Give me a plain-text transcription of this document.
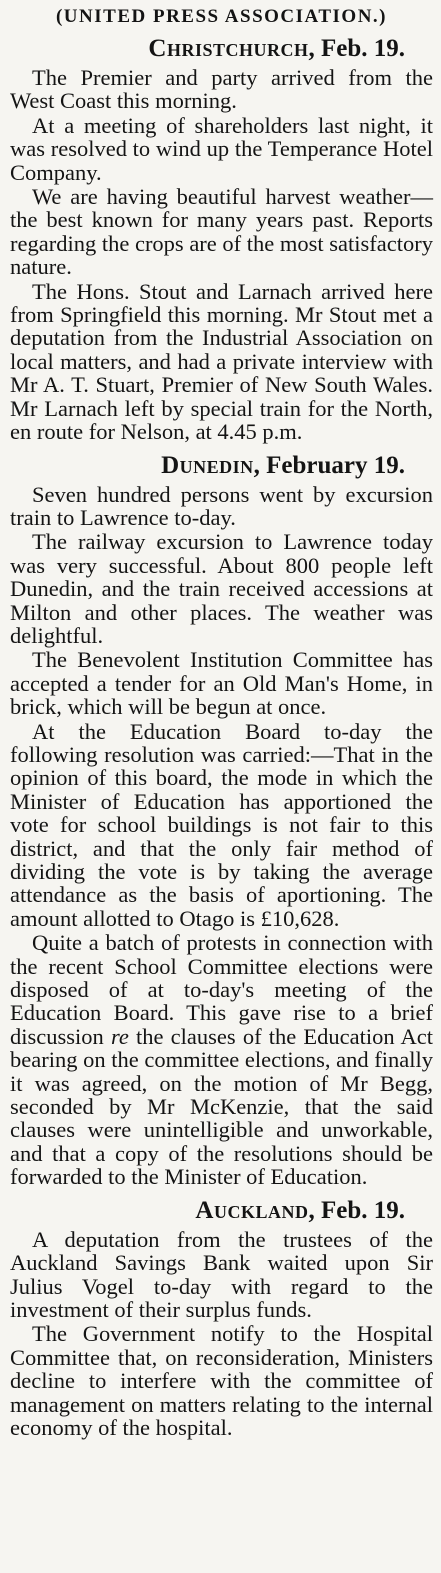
(UNITED PRESS ASSOCIATION.)
Christchurch, Feb. 19.

The Premier and party arrived from the West Coast this morning.

At a meeting of shareholders last night, it was resolved to wind up the Temperance Hotel Company.

We are having beautiful harvest weather—the best known for many years past. Reports regarding the crops are of the most satisfactory nature.

The Hons. Stout and Larnach arrived here from Springfield this morning. Mr Stout met a deputation from the Industrial Association on local matters, and had a private interview with Mr A. T. Stuart, Premier of New South Wales. Mr Larnach left by special train for the North, en route for Nelson, at 4.45 p.m.

Dunedin, February 19.

Seven hundred persons went by excursion train to Lawrence to-day.

The railway excursion to Lawrence today was very successful. About 800 people left Dunedin, and the train received accessions at Milton and other places. The weather was delightful.

The Benevolent Institution Committee has accepted a tender for an Old Man's Home, in brick, which will be begun at once.

At the Education Board to-day the following resolution was carried:—That in the opinion of this board, the mode in which the Minister of Education has apportioned the vote for school buildings is not fair to this district, and that the only fair method of dividing the vote is by taking the average attendance as the basis of aportioning. The amount allotted to Otago is £10,628.

Quite a batch of protests in connection with the recent School Committee elections were disposed of at to-day's meeting of the Education Board. This gave rise to a brief discussion re the clauses of the Education Act bearing on the committee elections, and finally it was agreed, on the motion of Mr Begg, seconded by Mr McKenzie, that the said clauses were unintelligible and unworkable, and that a copy of the resolutions should be forwarded to the Minister of Education.

Auckland, Feb. 19.

A deputation from the trustees of the Auckland Savings Bank waited upon Sir Julius Vogel to-day with regard to the investment of their surplus funds.

The Government notify to the Hospital Committee that, on reconsideration, Ministers decline to interfere with the committee of management on matters relating to the internal economy of the hospital.
